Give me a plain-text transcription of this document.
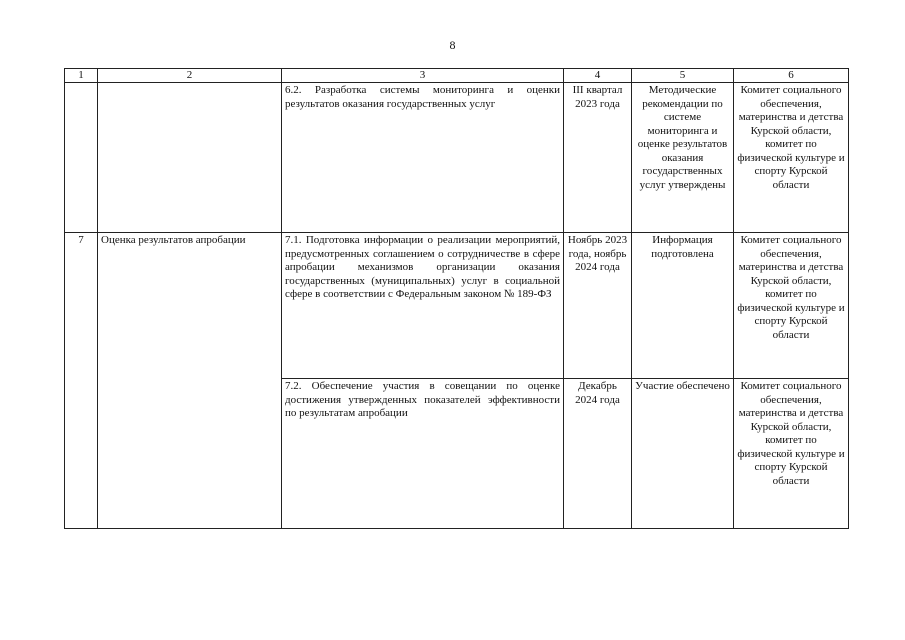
8
1	2	3	4	5	6
		6.2. Разработка системы мониторинга и оценки результатов оказания государственных услуг	III квартал 2023 года	Методические рекомендации по системе мониторинга и оценке результатов оказания государственных услуг утверждены	Комитет социального обеспечения, материнства и детства Курской области, комитет по физической культуре и спорту Курской области
7	Оценка результатов апробации	7.1. Подготовка информации о реализации мероприятий, предусмотренных соглашением о сотрудничестве в сфере апробации механизмов организации оказания государственных (муниципальных) услуг в социальной сфере в соответствии с Федеральным законом № 189-ФЗ	Ноябрь 2023 года, ноябрь 2024 года	Информация подготовлена	Комитет социального обеспечения, материнства и детства Курской области, комитет по физической культуре и спорту Курской области
		7.2. Обеспечение участия в совещании по оценке достижения утвержденных показателей эффективности по результатам апробации	Декабрь 2024 года	Участие обеспечено	Комитет социального обеспечения, материнства и детства Курской области, комитет по физической культуре и спорту Курской области
